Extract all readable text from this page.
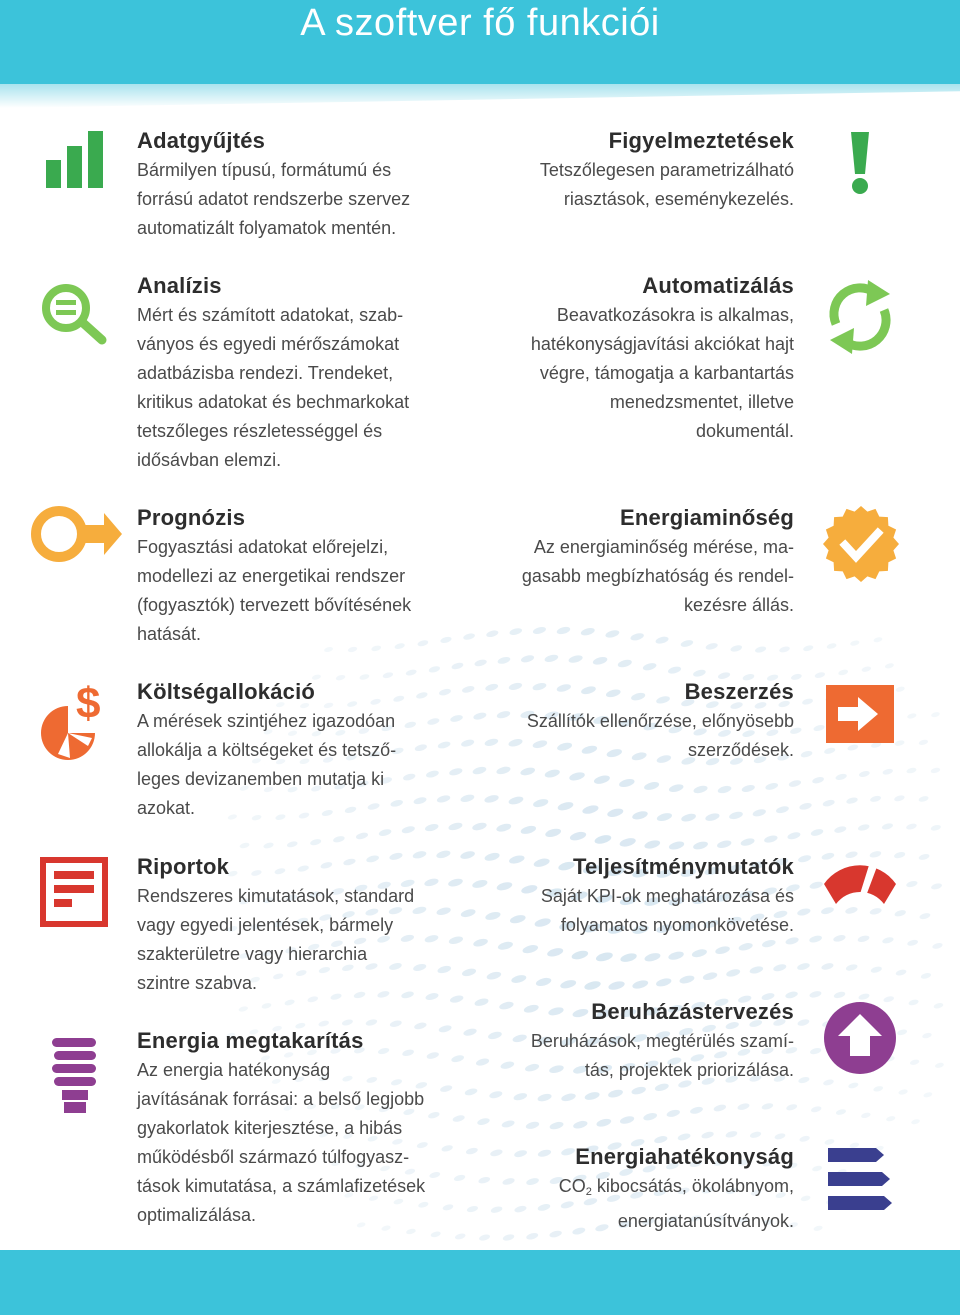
A szoftver fő funkciói
Adatgyűjtés

Bármilyen típusú, formátumú és
forrású adatot rendszerbe szervez
automatizált folyamatok mentén.

Analízis

Mért és számított adatokat, szab-
ványos és egyedi mérőszámokat
adatbázisba rendezi. Trendeket,
kritikus adatokat és bechmarkokat
tetszőleges részletességgel és
idősávban elemzi.

Prognózis

Fogyasztási adatokat előrejelzi,
modellezi az energetikai rendszer
(fogyasztók) tervezett bővítésének
hatását.

Költségallokáció

A mérések szintjéhez igazodóan
allokálja a költségeket és tetsző-
leges devizanemben mutatja ki
azokat.

Riportok

Rendszeres kimutatások, standard
vagy egyedi jelentések, bármely
szakterületre vagy hierarchia
szintre szabva.

Energia megtakarítás

Az energia hatékonyság
javításának forrásai: a belső legjobb
gyakorlatok kiterjesztése, a hibás
működésből származó túlfogyasz-
tások kimutatása, a számlafizetések
optimalizálása.

Figyelmeztetések

Tetszőlegesen parametrizálható
riasztások, eseménykezelés.

Automatizálás

Beavatkozásokra is alkalmas,
hatékonyságjavítási akciókat hajt
végre, támogatja a karbantartás
menedzsmentet, illetve
dokumentál.

Energiaminőség

Az energiaminőség mérése, ma-
gasabb megbízhatóság és rendel-
kezésre állás.

Beszerzés

Szállítók ellenőrzése, előnyösebb
szerződések.

Teljesítménymutatók

Saját KPI-ok meghatározása és
folyamatos nyomonkövetése.

Beruházástervezés

Beruházások, megtérülés szamí-
tás, projektek priorizálása.

Energiahatékonyság

$CO_2$ kibocsátás, ökolábnyom,
energiatanúsítványok.

$
